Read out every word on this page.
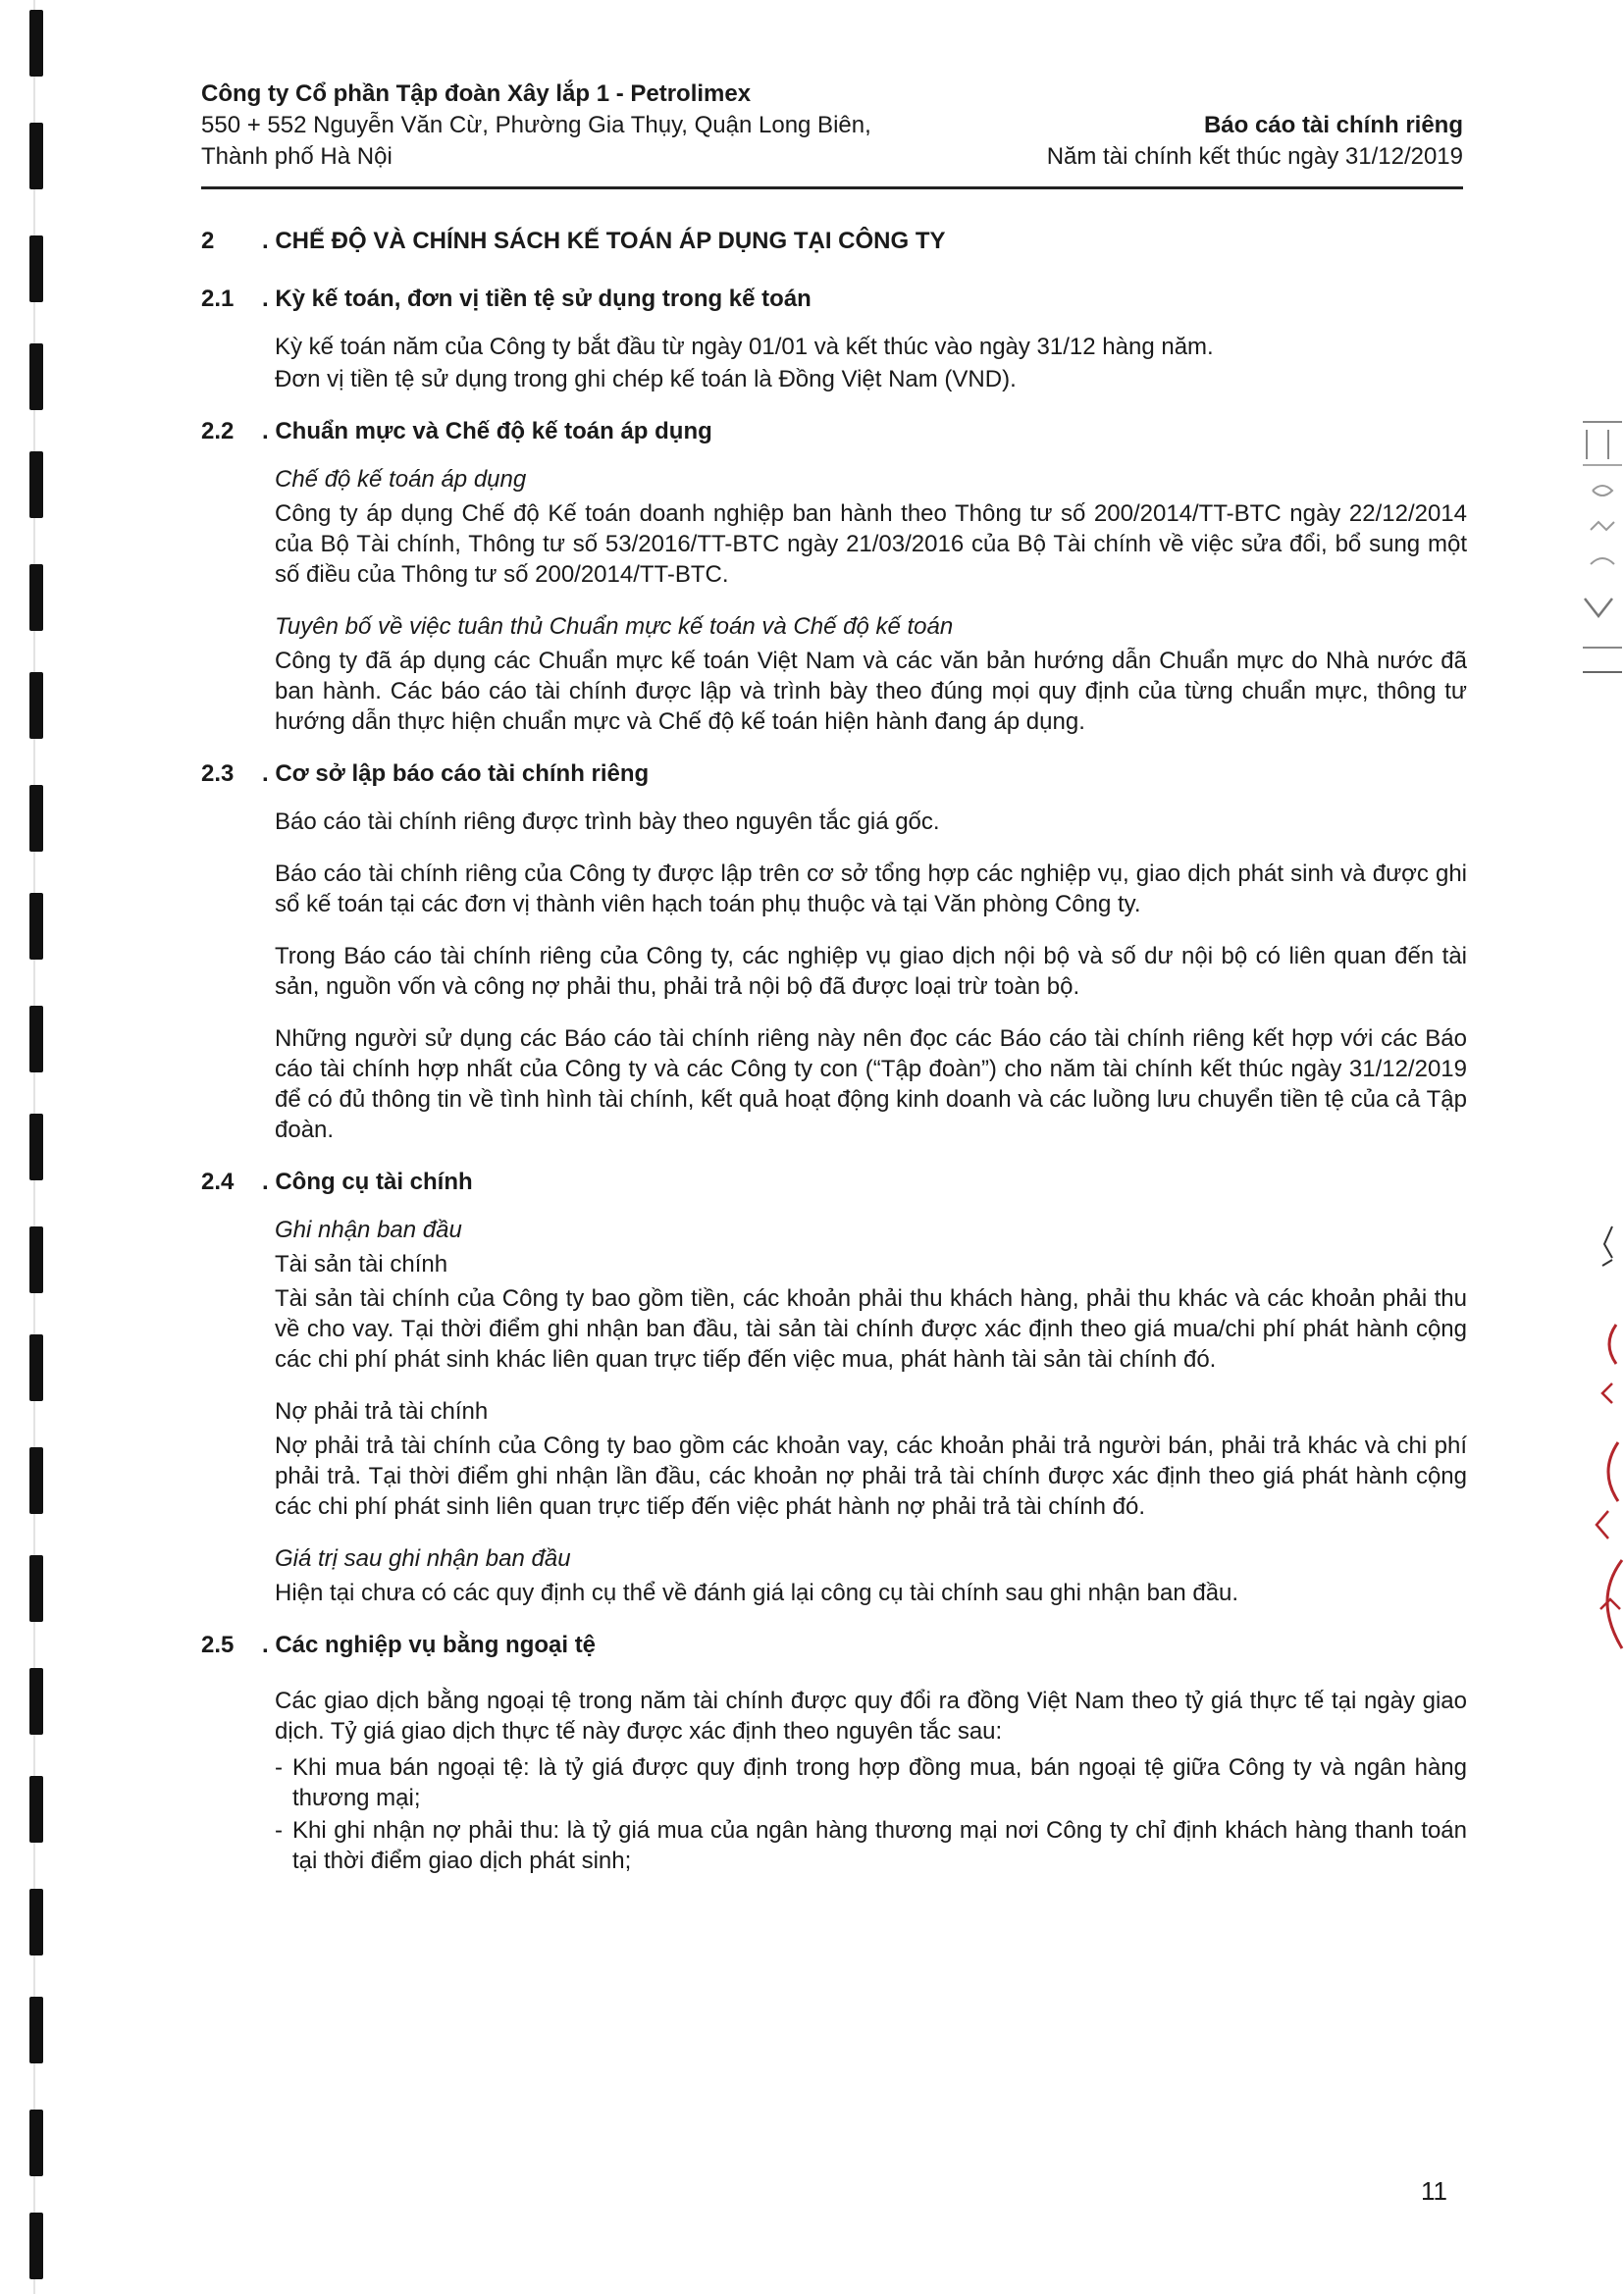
Công ty Cổ phần Tập đoàn Xây lắp 1 - Petrolimex
550 + 552 Nguyễn Văn Cừ, Phường Gia Thụy, Quận Long Biên,
Thành phố Hà Nội
Báo cáo tài chính riêng
Năm tài chính kết thúc ngày 31/12/2019
2	. CHẾ ĐỘ VÀ CHÍNH SÁCH KẾ TOÁN ÁP DỤNG TẠI CÔNG TY
2.1	. Kỳ kế toán, đơn vị tiền tệ sử dụng trong kế toán

Kỳ kế toán năm của Công ty bắt đầu từ ngày 01/01 và kết thúc vào ngày 31/12 hàng năm.

Đơn vị tiền tệ sử dụng trong ghi chép kế toán là Đồng Việt Nam (VND).

2.2	. Chuẩn mực và Chế độ kế toán áp dụng
Chế độ kế toán áp dụng

Công ty áp dụng Chế độ Kế toán doanh nghiệp ban hành theo Thông tư số 200/2014/TT-BTC ngày 22/12/2014 của Bộ Tài chính, Thông tư số 53/2016/TT-BTC ngày 21/03/2016 của Bộ Tài chính về việc sửa đổi, bổ sung một số điều của Thông tư số 200/2014/TT-BTC.

Tuyên bố về việc tuân thủ Chuẩn mực kế toán và Chế độ kế toán

Công ty đã áp dụng các Chuẩn mực kế toán Việt Nam và các văn bản hướng dẫn Chuẩn mực do Nhà nước đã ban hành. Các báo cáo tài chính được lập và trình bày theo đúng mọi quy định của từng chuẩn mực, thông tư hướng dẫn thực hiện chuẩn mực và Chế độ kế toán hiện hành đang áp dụng.

2.3	. Cơ sở lập báo cáo tài chính riêng

Báo cáo tài chính riêng được trình bày theo nguyên tắc giá gốc.

Báo cáo tài chính riêng của Công ty được lập trên cơ sở tổng hợp các nghiệp vụ, giao dịch phát sinh và được ghi sổ kế toán tại các đơn vị thành viên hạch toán phụ thuộc và tại Văn phòng Công ty.

Trong Báo cáo tài chính riêng của Công ty, các nghiệp vụ giao dịch nội bộ và số dư nội bộ có liên quan đến tài sản, nguồn vốn và công nợ phải thu, phải trả nội bộ đã được loại trừ toàn bộ.

Những người sử dụng các Báo cáo tài chính riêng này nên đọc các Báo cáo tài chính riêng kết hợp với các Báo cáo tài chính hợp nhất của Công ty và các Công ty con (“Tập đoàn”) cho năm tài chính kết thúc ngày 31/12/2019 để có đủ thông tin về tình hình tài chính, kết quả hoạt động kinh doanh và các luồng lưu chuyển tiền tệ của cả Tập đoàn.

2.4	. Công cụ tài chính
Ghi nhận ban đầu
Tài sản tài chính

Tài sản tài chính của Công ty bao gồm tiền, các khoản phải thu khách hàng, phải thu khác và các khoản phải thu về cho vay. Tại thời điểm ghi nhận ban đầu, tài sản tài chính được xác định theo giá mua/chi phí phát hành cộng các chi phí phát sinh khác liên quan trực tiếp đến việc mua, phát hành tài sản tài chính đó.

Nợ phải trả tài chính

Nợ phải trả tài chính của Công ty bao gồm các khoản vay, các khoản phải trả người bán, phải trả khác và chi phí phải trả. Tại thời điểm ghi nhận lần đầu, các khoản nợ phải trả tài chính được xác định theo giá phát hành cộng các chi phí phát sinh liên quan trực tiếp đến việc phát hành nợ phải trả tài chính đó.

Giá trị sau ghi nhận ban đầu

Hiện tại chưa có các quy định cụ thể về đánh giá lại công cụ tài chính sau ghi nhận ban đầu.

2.5	. Các nghiệp vụ bằng ngoại tệ

Các giao dịch bằng ngoại tệ trong năm tài chính được quy đổi ra đồng Việt Nam theo tỷ giá thực tế tại ngày giao dịch. Tỷ giá giao dịch thực tế này được xác định theo nguyên tắc sau:

- Khi mua bán ngoại tệ: là tỷ giá được quy định trong hợp đồng mua, bán ngoại tệ giữa Công ty và ngân hàng thương mại;
- Khi ghi nhận nợ phải thu: là tỷ giá mua của ngân hàng thương mại nơi Công ty chỉ định khách hàng thanh toán tại thời điểm giao dịch phát sinh;
11
